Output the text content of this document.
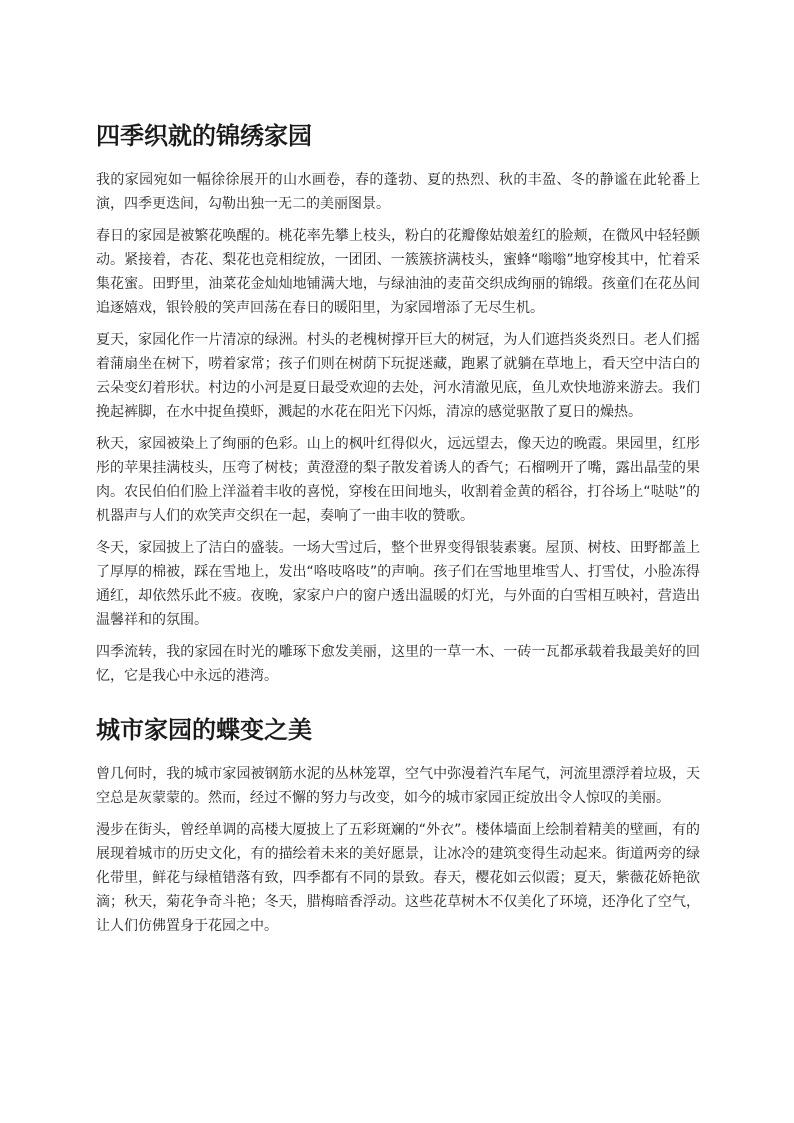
四季织就的锦绣家园

我的家园宛如一幅徐徐展开的山水画卷，春的蓬勃、夏的热烈、秋的丰盈、冬的静谧在此轮番上演，四季更迭间，勾勒出独一无二的美丽图景。

春日的家园是被繁花唤醒的。桃花率先攀上枝头，粉白的花瓣像姑娘羞红的脸颊，在微风中轻轻颤动。紧接着，杏花、梨花也竞相绽放，一团团、一簇簇挤满枝头，蜜蜂“嗡嗡”地穿梭其中，忙着采集花蜜。田野里，油菜花金灿灿地铺满大地，与绿油油的麦苗交织成绚丽的锦缎。孩童们在花丛间追逐嬉戏，银铃般的笑声回荡在春日的暖阳里，为家园增添了无尽生机。

夏天，家园化作一片清凉的绿洲。村头的老槐树撑开巨大的树冠，为人们遮挡炎炎烈日。老人们摇着蒲扇坐在树下，唠着家常；孩子们则在树荫下玩捉迷藏，跑累了就躺在草地上，看天空中洁白的云朵变幻着形状。村边的小河是夏日最受欢迎的去处，河水清澈见底，鱼儿欢快地游来游去。我们挽起裤脚，在水中捉鱼摸虾，溅起的水花在阳光下闪烁，清凉的感觉驱散了夏日的燥热。

秋天，家园被染上了绚丽的色彩。山上的枫叶红得似火，远远望去，像天边的晚霞。果园里，红彤彤的苹果挂满枝头，压弯了树枝；黄澄澄的梨子散发着诱人的香气；石榴咧开了嘴，露出晶莹的果肉。农民伯伯们脸上洋溢着丰收的喜悦，穿梭在田间地头，收割着金黄的稻谷，打谷场上“哒哒”的机器声与人们的欢笑声交织在一起，奏响了一曲丰收的赞歌。

冬天，家园披上了洁白的盛装。一场大雪过后，整个世界变得银装素裹。屋顶、树枝、田野都盖上了厚厚的棉被，踩在雪地上，发出“咯吱咯吱”的声响。孩子们在雪地里堆雪人、打雪仗，小脸冻得通红，却依然乐此不疲。夜晚，家家户户的窗户透出温暖的灯光，与外面的白雪相互映衬，营造出温馨祥和的氛围。

四季流转，我的家园在时光的雕琢下愈发美丽，这里的一草一木、一砖一瓦都承载着我最美好的回忆，它是我心中永远的港湾。

城市家园的蝶变之美

曾几何时，我的城市家园被钢筋水泥的丛林笼罩，空气中弥漫着汽车尾气，河流里漂浮着垃圾，天空总是灰蒙蒙的。然而，经过不懈的努力与改变，如今的城市家园正绽放出令人惊叹的美丽。

漫步在街头，曾经单调的高楼大厦披上了五彩斑斓的“外衣”。楼体墙面上绘制着精美的壁画，有的展现着城市的历史文化，有的描绘着未来的美好愿景，让冰冷的建筑变得生动起来。街道两旁的绿化带里，鲜花与绿植错落有致，四季都有不同的景致。春天，樱花如云似霞；夏天，紫薇花娇艳欲滴；秋天，菊花争奇斗艳；冬天，腊梅暗香浮动。这些花草树木不仅美化了环境，还净化了空气，让人们仿佛置身于花园之中。
